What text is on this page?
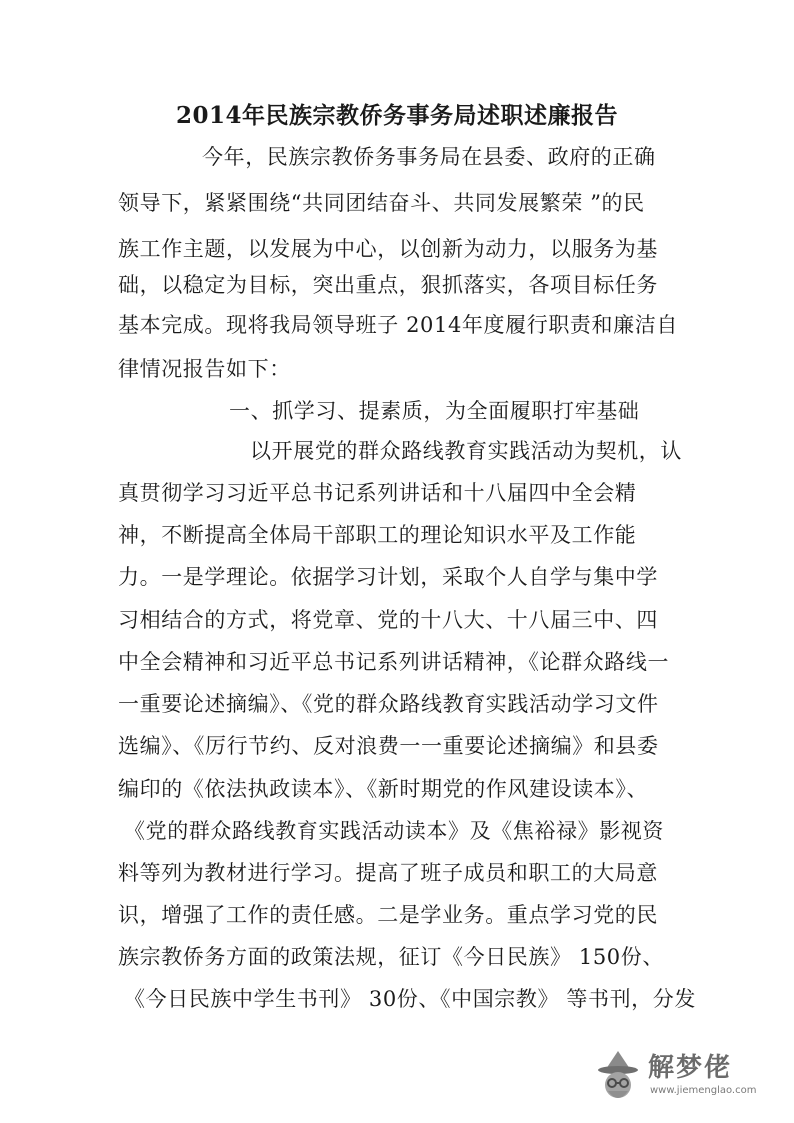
2014年民族宗教侨务事务局述职述廉报告
今年，民族宗教侨务事务局在县委、政府的正确
领导下，紧紧围绕“共同团结奋斗、共同发展繁荣 ”的民
族工作主题，以发展为中心，以创新为动力，以服务为基
础，以稳定为目标，突出重点，狠抓落实，各项目标任务
基本完成。现将我局领导班子 2014年度履行职责和廉洁自
律情况报告如下：
一、抓学习、提素质，为全面履职打牢基础
以开展党的群众路线教育实践活动为契机，认
真贯彻学习习近平总书记系列讲话和十八届四中全会精
神，不断提高全体局干部职工的理论知识水平及工作能
力。一是学理论。依据学习计划，采取个人自学与集中学
习相结合的方式，将党章、党的十八大、十八届三中、四
中全会精神和习近平总书记系列讲话精神，《论群众路线一
一重要论述摘编》、《党的群众路线教育实践活动学习文件
选编》、《厉行节约、反对浪费一一重要论述摘编》和县委
编印的《依法执政读本》、《新时期党的作风建设读本》、
《党的群众路线教育实践活动读本》及《焦裕禄》影视资
料等列为教材进行学习。提高了班子成员和职工的大局意
识，增强了工作的责任感。二是学业务。重点学习党的民
族宗教侨务方面的政策法规，征订《今日民族》 150份、
《今日民族中学生书刊》 30份、《中国宗教》 等书刊，分发
解梦佬
www.jiemenglao.com
